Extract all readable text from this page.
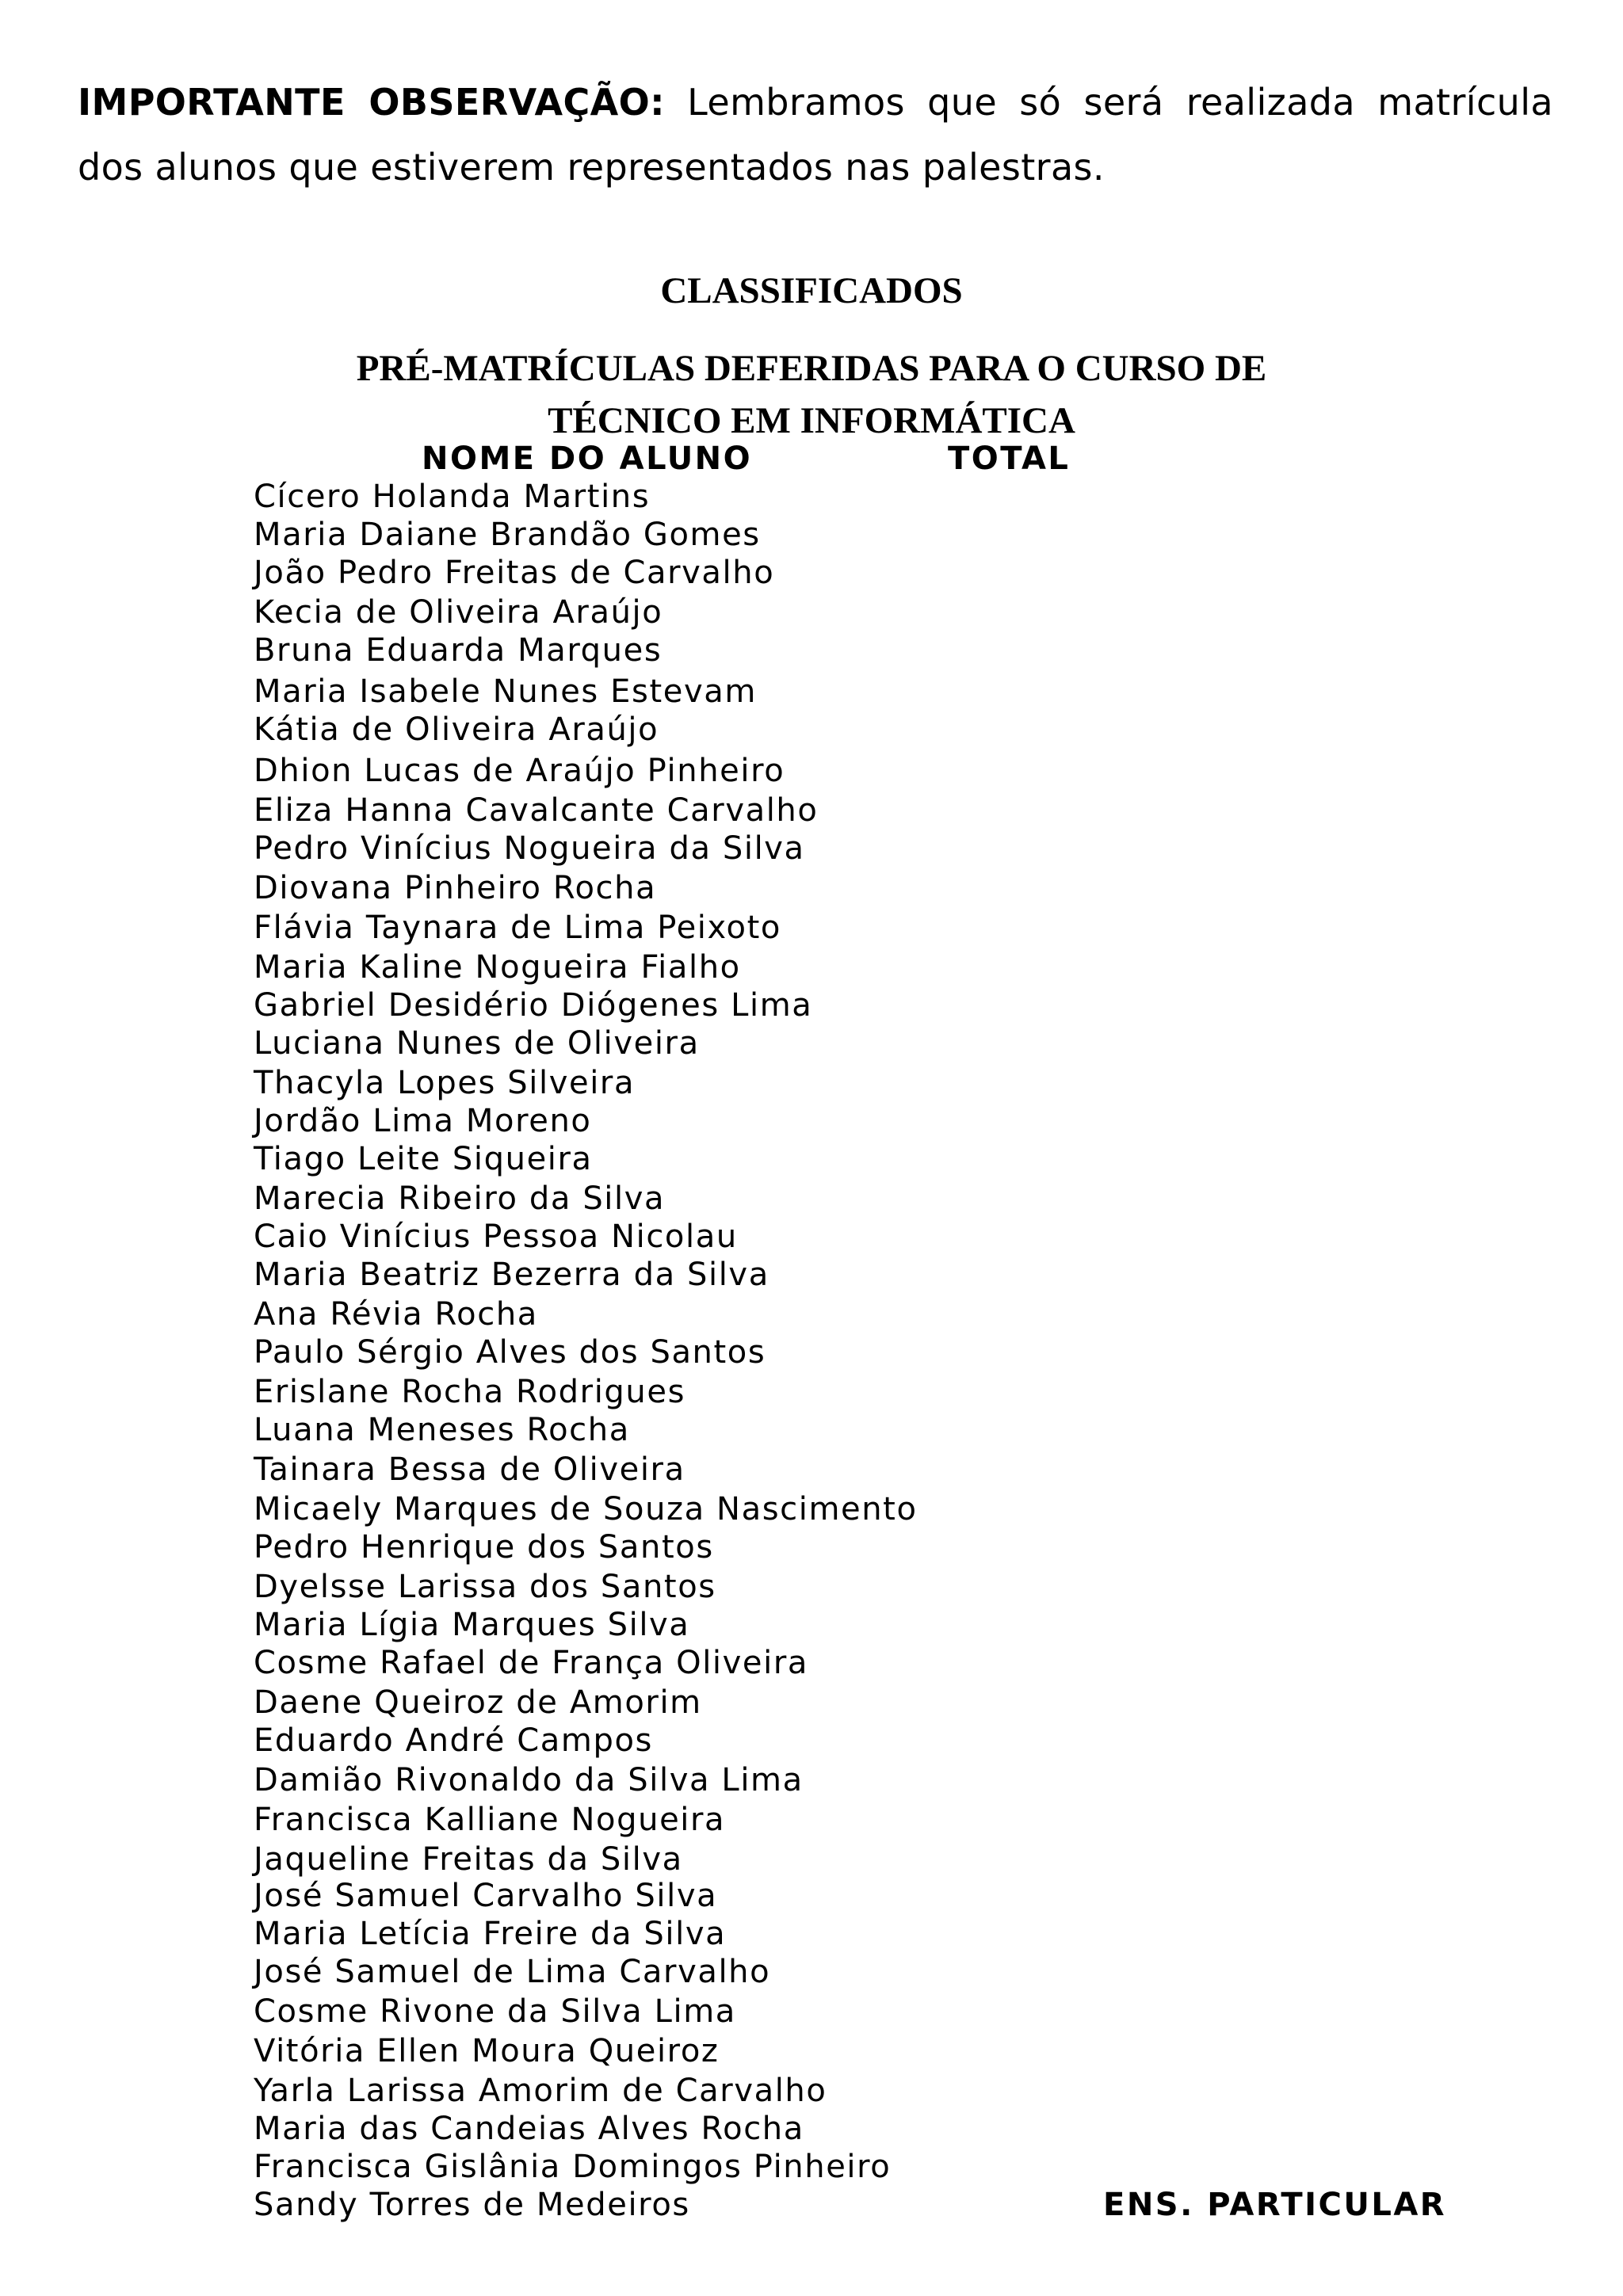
IMPORTANTE OBSERVAÇÃO: Lembramos que só será realizada matrícula dos alunos que estiverem representados nas palestras.
CLASSIFICADOS
PRÉ-MATRÍCULAS DEFERIDAS PARA O CURSO DE
TÉCNICO EM INFORMÁTICA
NOME DO ALUNO	TOTAL
Cícero Holanda Martins
Maria Daiane Brandão Gomes
João Pedro Freitas de Carvalho
Kecia de Oliveira Araújo
Bruna Eduarda Marques
Maria Isabele Nunes Estevam
Kátia de Oliveira Araújo
Dhion Lucas de Araújo Pinheiro
Eliza Hanna Cavalcante Carvalho
Pedro Vinícius Nogueira da Silva
Diovana Pinheiro Rocha
Flávia Taynara de Lima Peixoto
Maria Kaline Nogueira Fialho
Gabriel Desidério Diógenes Lima
Luciana Nunes de Oliveira
Thacyla Lopes Silveira
Jordão Lima Moreno
Tiago Leite Siqueira
Marecia Ribeiro da Silva
Caio Vinícius Pessoa Nicolau
Maria Beatriz Bezerra da Silva
Ana Révia Rocha
Paulo Sérgio Alves dos Santos
Erislane Rocha Rodrigues
Luana Meneses Rocha
Tainara Bessa de Oliveira
Micaely Marques de Souza Nascimento
Pedro Henrique dos Santos
Dyelsse Larissa dos Santos
Maria Lígia Marques Silva
Cosme Rafael de França Oliveira
Daene Queiroz de Amorim
Eduardo André Campos
Damião Rivonaldo da Silva Lima
Francisca Kalliane Nogueira
Jaqueline Freitas da Silva
José Samuel Carvalho Silva
Maria Letícia Freire da Silva
José Samuel de Lima Carvalho
Cosme Rivone da Silva Lima
Vitória Ellen Moura Queiroz
Yarla Larissa Amorim de Carvalho
Maria das Candeias Alves Rocha
Francisca Gislânia Domingos Pinheiro
Sandy Torres de Medeiros	ENS. PARTICULAR
